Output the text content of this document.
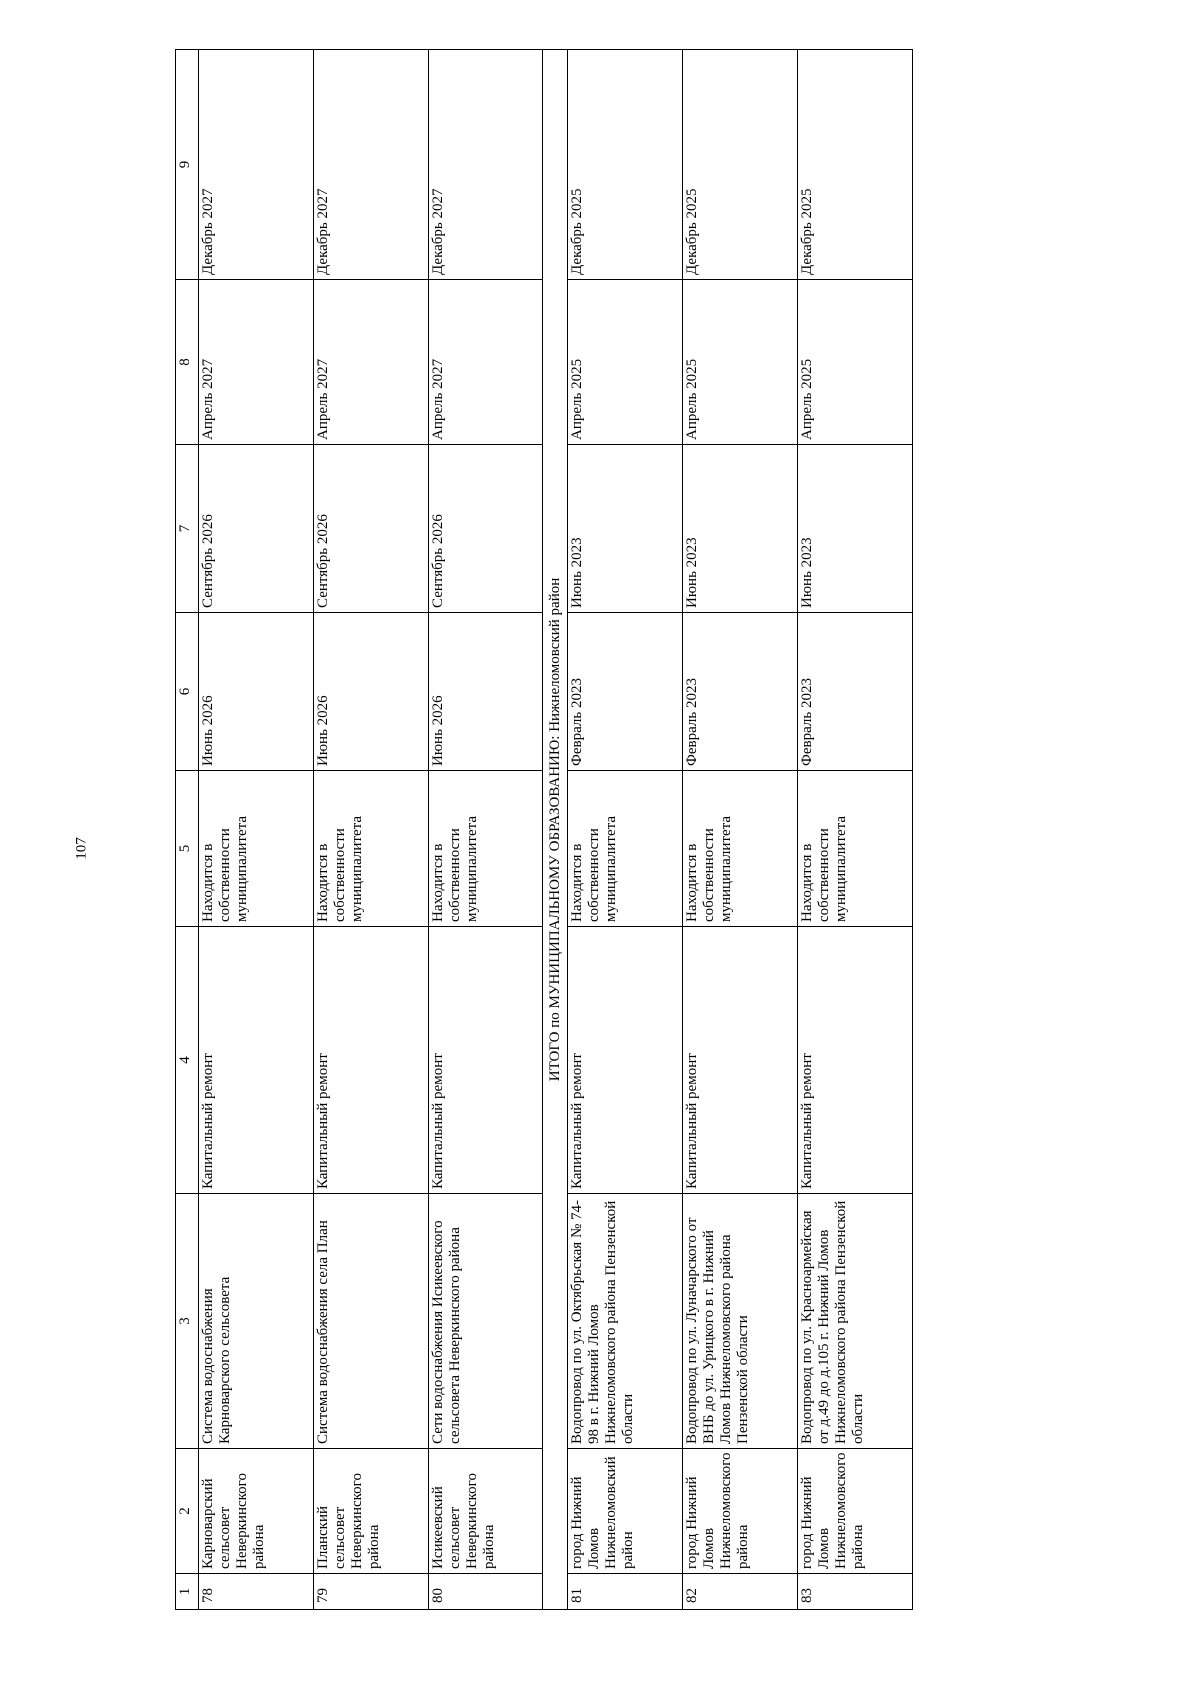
107
1	2	3	4	5	6	7	8	9
78	Карноварский сельсовет Неверкинского района	Система водоснабжения Карноварского сельсовета	Капитальный ремонт	Находится в собственности муниципалитета	Июнь 2026	Сентябрь 2026	Апрель 2027	Декабрь 2027
79	Планский сельсовет Неверкинского района	Система водоснабжения села План	Капитальный ремонт	Находится в собственности муниципалитета	Июнь 2026	Сентябрь 2026	Апрель 2027	Декабрь 2027
80	Исикеевский сельсовет Неверкинского района	Сети водоснабжения Исикеевского сельсовета Неверкинского района	Капитальный ремонт	Находится в собственности муниципалитета	Июнь 2026	Сентябрь 2026	Апрель 2027	Декабрь 2027
ИТОГО по МУНИЦИПАЛЬНОМУ ОБРАЗОВАНИЮ: Нижнеломовский район								
81	город Нижний Ломов Нижнеломовский район	Водопровод по ул. Октябрьская № 74-98 в г. Нижний Ломов Нижнеломовского района Пензенской области	Капитальный ремонт	Находится в собственности муниципалитета	Февраль 2023	Июнь 2023	Апрель 2025	Декабрь 2025
82	город Нижний Ломов Нижнеломовского района	Водопровод по ул. Луначарского от ВНБ до ул. Урицкого в г. Нижний Ломов Нижнеломовского района Пензенской области	Капитальный ремонт	Находится в собственности муниципалитета	Февраль 2023	Июнь 2023	Апрель 2025	Декабрь 2025
83	город Нижний Ломов Нижнеломовского района	Водопровод по ул. Красноармейская от д.49 до д.105 г. Нижний Ломов Нижнеломовского района Пензенской области	Капитальный ремонт	Находится в собственности муниципалитета	Февраль 2023	Июнь 2023	Апрель 2025	Декабрь 2025
